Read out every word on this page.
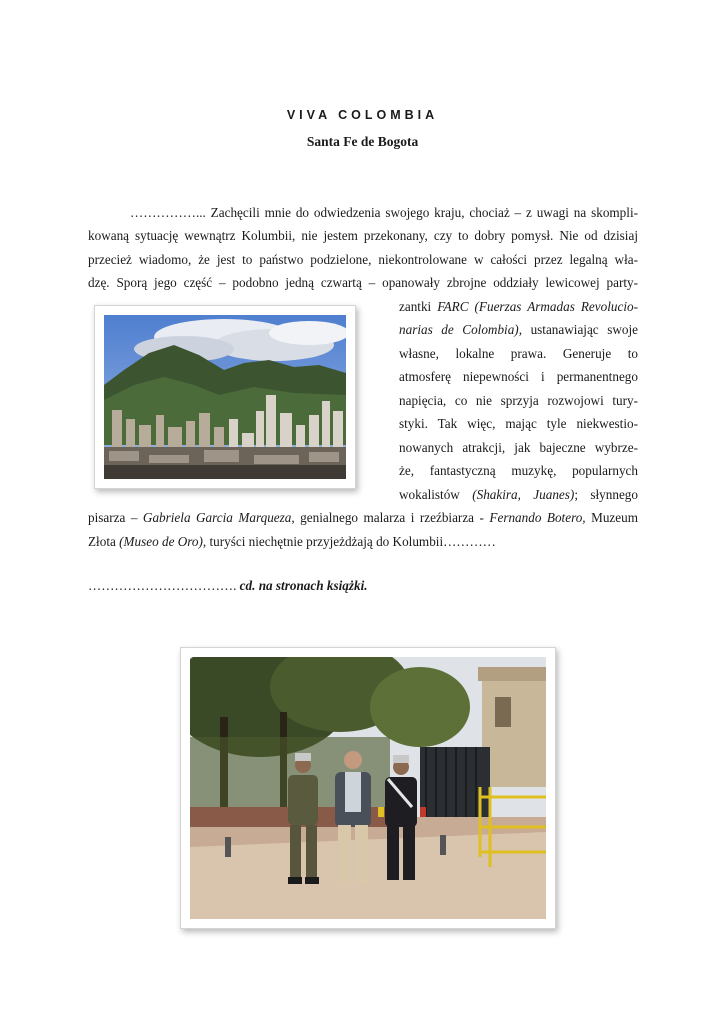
VIVA COLOMBIA
Santa Fe de Bogota
……………... Zachęcili mnie do odwiedzenia swojego kraju, chociaż – z uwagi na skompli-
kowaną sytuację wewnątrz Kolumbii, nie jestem przekonany, czy to dobry pomysł. Nie od dzisiaj
przecież wiadomo, że jest to państwo podzielone, niekontrolowane w całości przez legalną wła-
dzę. Sporą jego część – podobno jedną czwartą – opanowały zbrojne oddziały lewicowej party-
zantki FARC (Fuerzas Armadas Revolucio-
narias de Colombia), ustanawiając swoje
własne, lokalne prawa. Generuje to
atmosferę niepewności i permanentnego
napięcia, co nie sprzyja rozwojowi tury-
styki. Tak więc, mając tyle niekwestio-
nowanych atrakcji, jak bajeczne wybrze-
że, fantastyczną muzykę, popularnych
wokalistów (Shakira, Juanes); słynnego
pisarza – Gabriela Garcia Marqueza, genialnego malarza i rzeźbiarza - Fernando Botero, Muzeum
Złota (Museo de Oro), turyści niechętnie przyjeżdżają do Kolumbii…………
……………………………. cd. na stronach książki.
